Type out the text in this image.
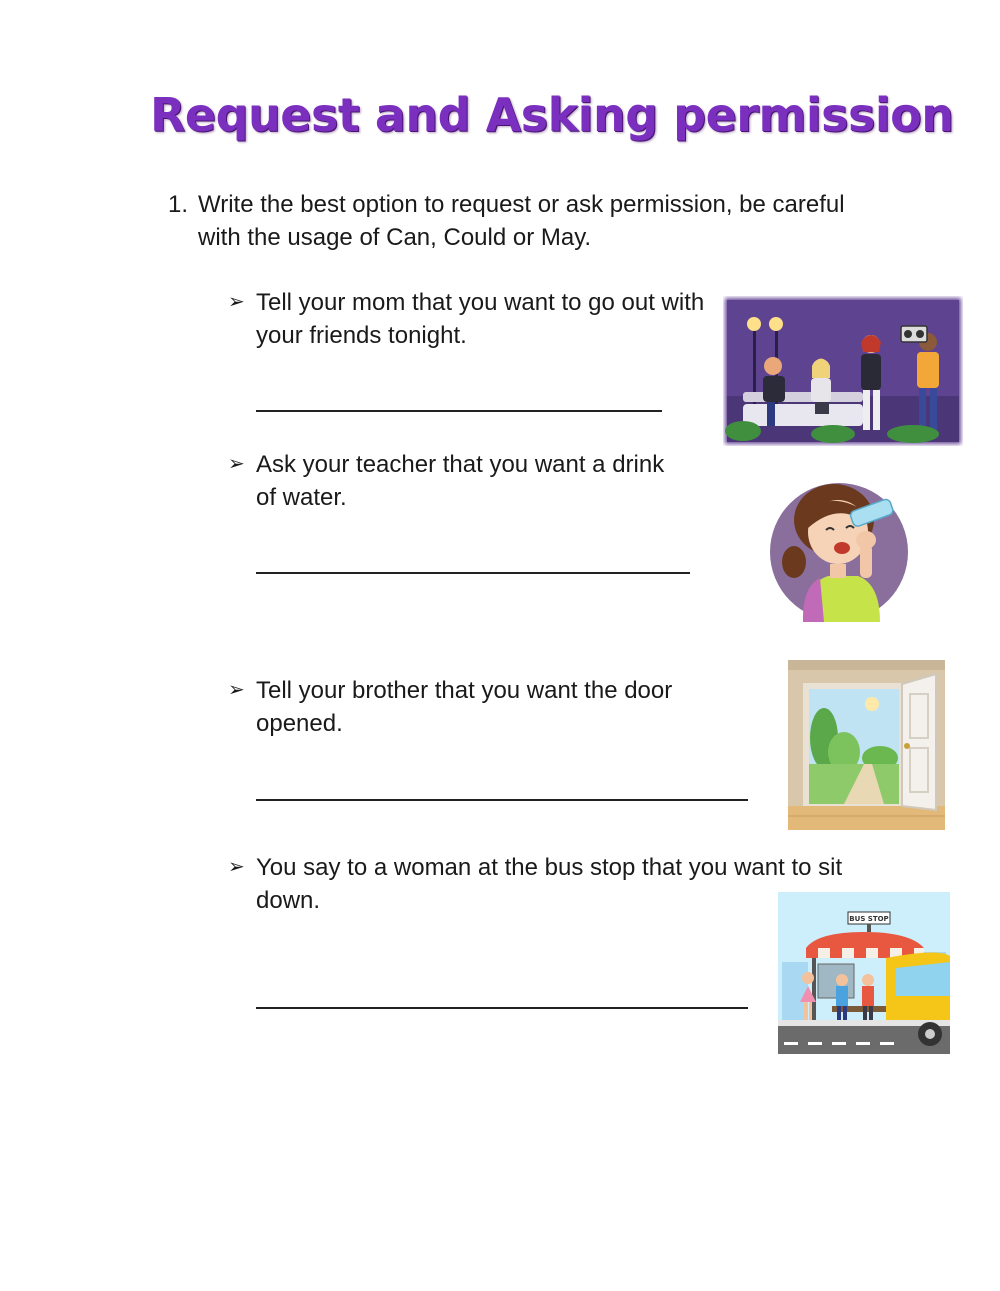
Request and Asking permission
1. Write the best option to request or ask permission, be careful with the usage of Can, Could or May.
➢ Tell your mom that you want to go out with your friends tonight.
➢ Ask your teacher that you want a drink of water.
➢ Tell your brother that you want the door opened.
➢ You say to a woman at the bus stop that you want to sit down.
BUS STOP
